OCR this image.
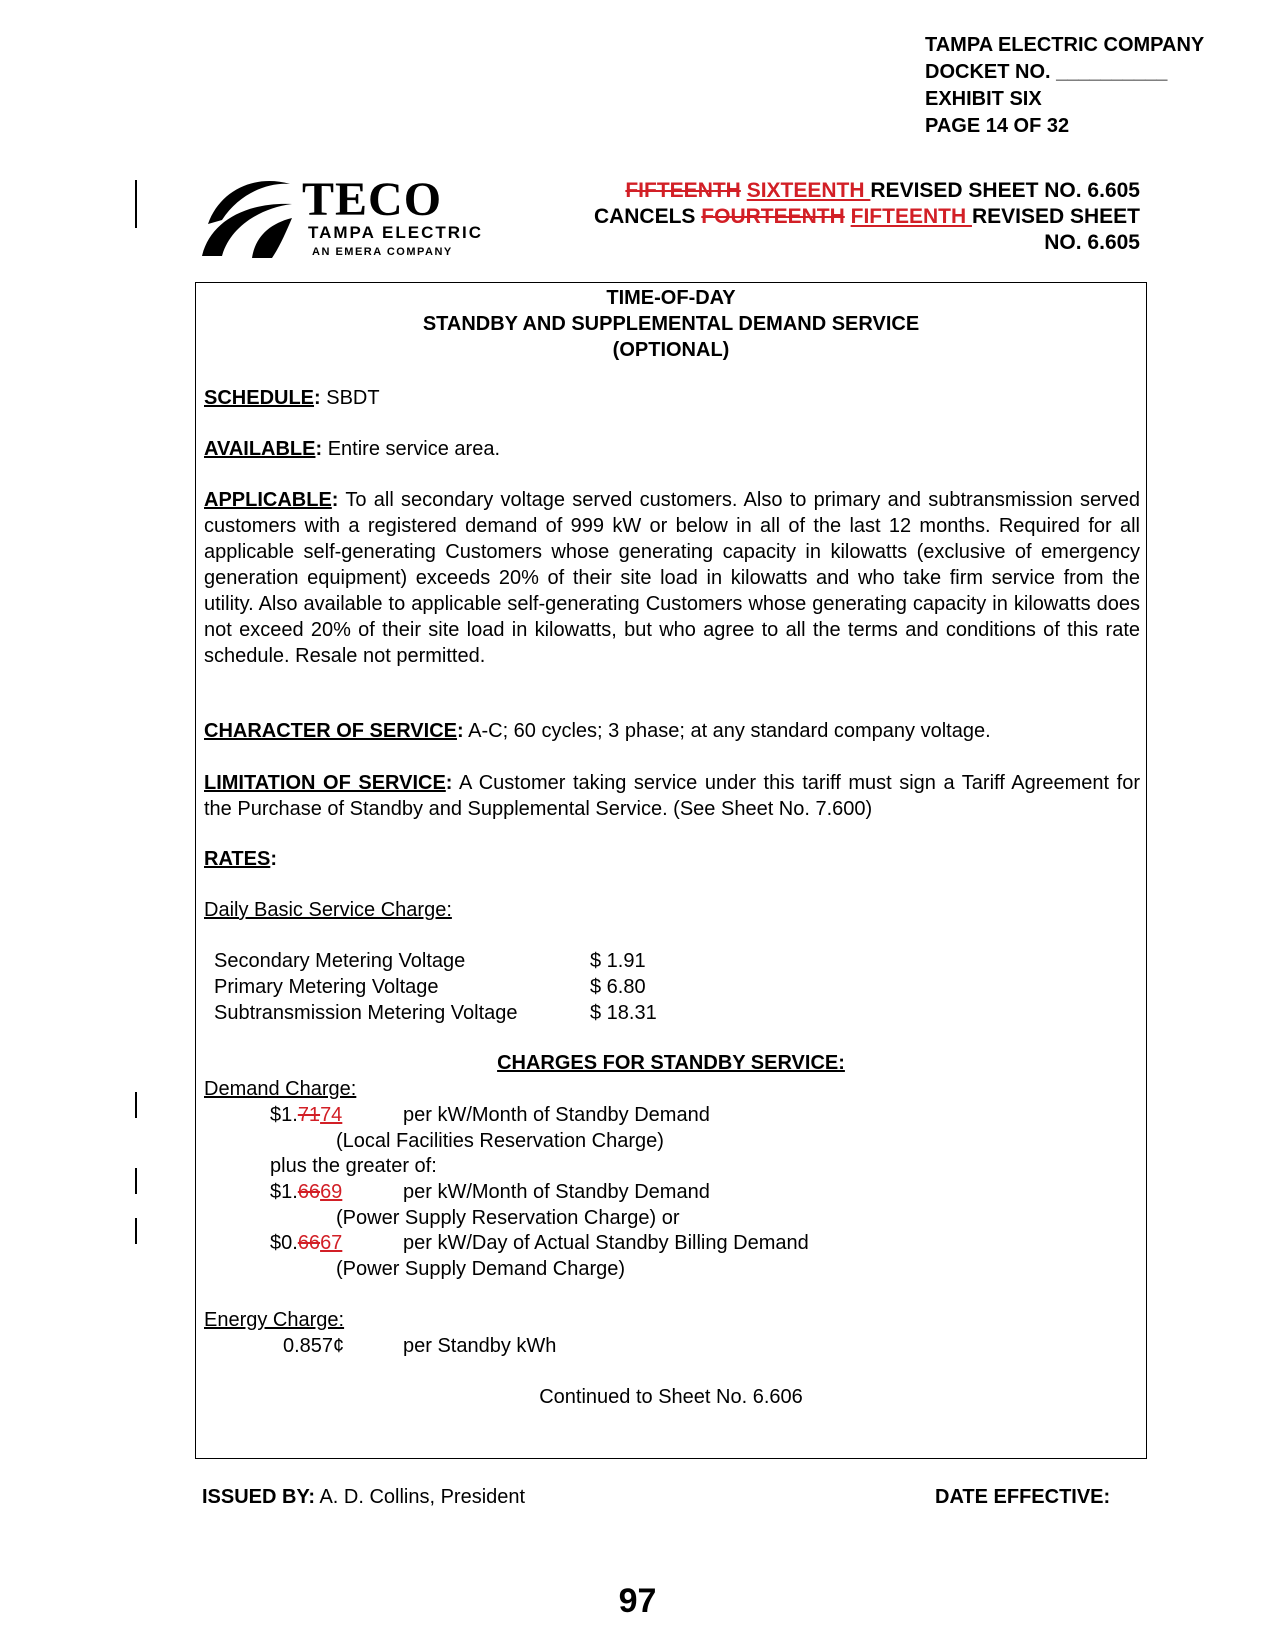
TAMPA ELECTRIC COMPANY
DOCKET NO. __________
EXHIBIT SIX
PAGE 14 OF 32
TECO
TAMPA ELECTRIC
AN EMERA COMPANY
FIFTEENTH SIXTEENTH REVISED SHEET NO. 6.605
CANCELS FOURTEENTH FIFTEENTH REVISED SHEET
NO. 6.605
TIME-OF-DAY
STANDBY AND SUPPLEMENTAL DEMAND SERVICE
(OPTIONAL)
SCHEDULE: SBDT
AVAILABLE: Entire service area.
APPLICABLE: To all secondary voltage served customers. Also to primary and subtransmission served customers with a registered demand of 999 kW or below in all of the last 12 months. Required for all applicable self-generating Customers whose generating capacity in kilowatts (exclusive of emergency generation equipment) exceeds 20% of their site load in kilowatts and who take firm service from the utility. Also available to applicable self-generating Customers whose generating capacity in kilowatts does not exceed 20% of their site load in kilowatts, but who agree to all the terms and conditions of this rate schedule. Resale not permitted.
CHARACTER OF SERVICE: A-C; 60 cycles; 3 phase; at any standard company voltage.
LIMITATION OF SERVICE: A Customer taking service under this tariff must sign a Tariff Agreement for the Purchase of Standby and Supplemental Service. (See Sheet No. 7.600)
RATES:
Daily Basic Service Charge:
Secondary Metering Voltage	$ 1.91
Primary Metering Voltage	$ 6.80
Subtransmission Metering Voltage	$ 18.31
CHARGES FOR STANDBY SERVICE:
Demand Charge:
$1.7174	per kW/Month of Standby Demand
(Local Facilities Reservation Charge)
plus the greater of:
$1.6669	per kW/Month of Standby Demand
(Power Supply Reservation Charge) or
$0.6667	per kW/Day of Actual Standby Billing Demand
(Power Supply Demand Charge)
Energy Charge:
0.857¢	per Standby kWh
Continued to Sheet No. 6.606
ISSUED BY: A. D. Collins, President	DATE EFFECTIVE:
97
